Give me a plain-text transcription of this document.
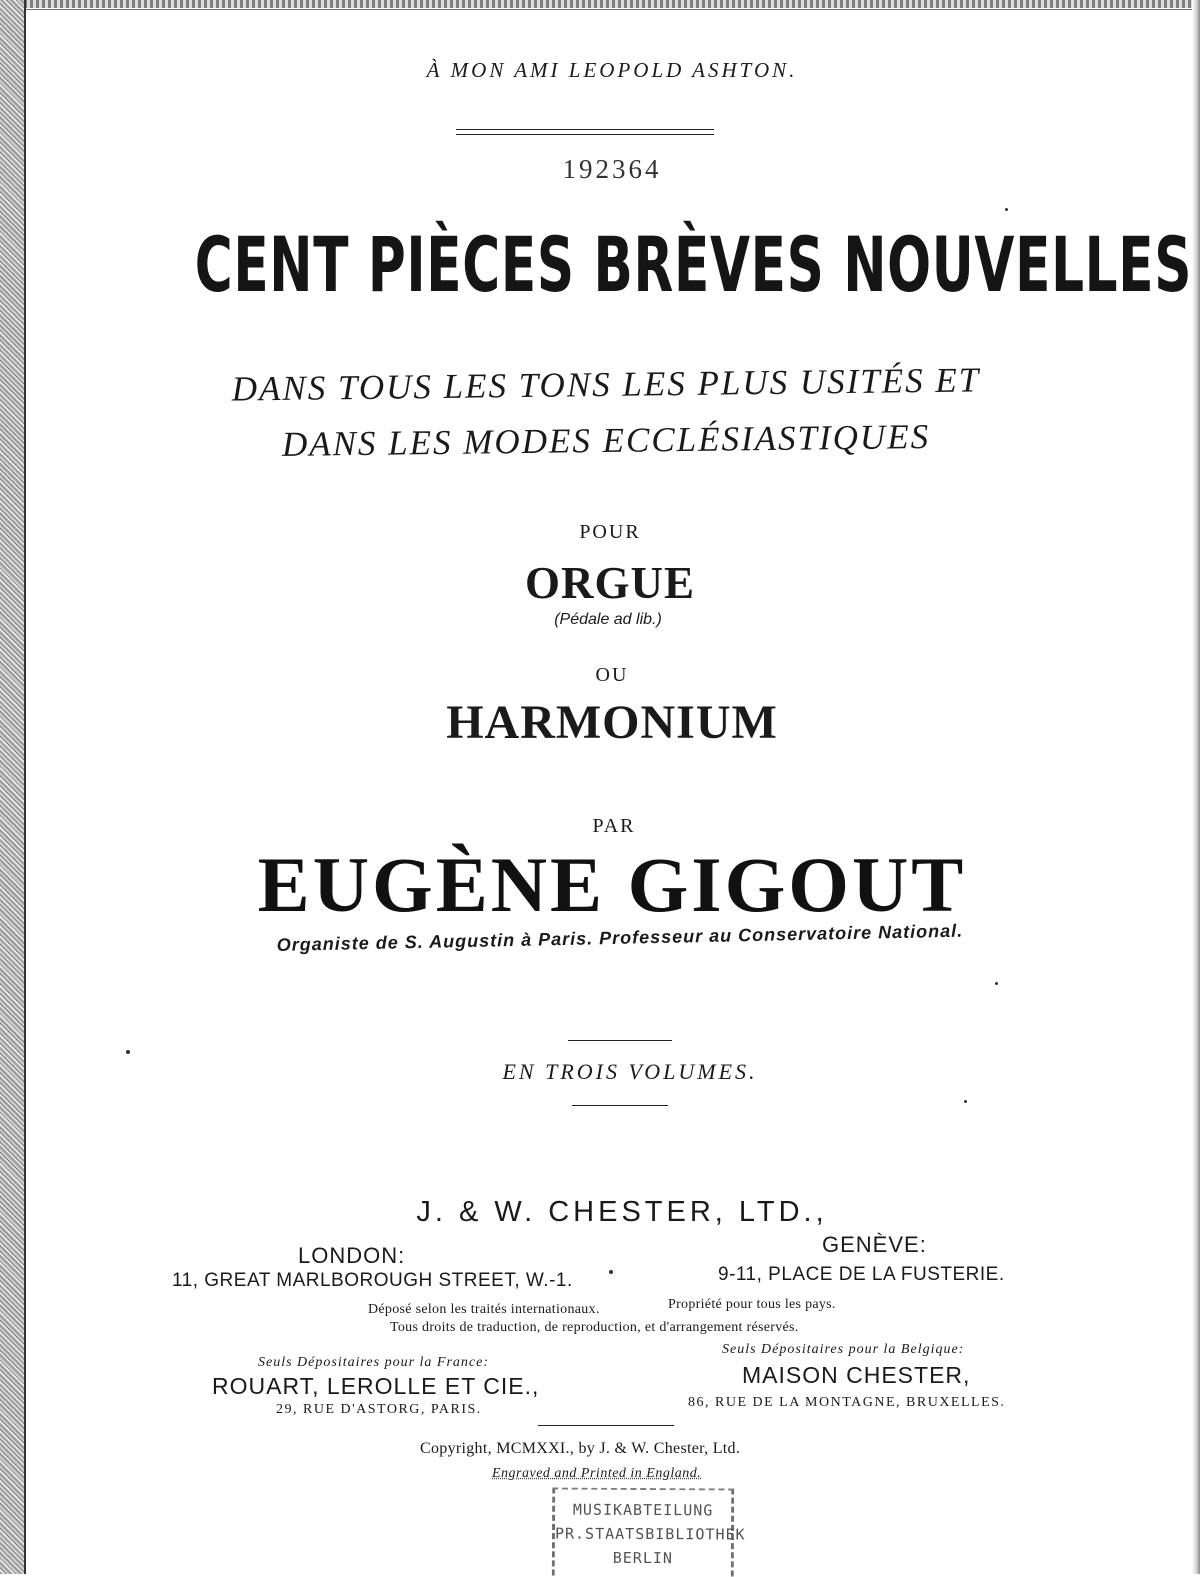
À MON AMI LEOPOLD ASHTON.

192364

CENT PIÈCES BRÈVES NOUVELLES

DANS TOUS LES TONS LES PLUS USITÉS ET

DANS LES MODES ECCLÉSIASTIQUES

POUR

ORGUE

(Pédale ad lib.)

OU

HARMONIUM

PAR

EUGÈNE GIGOUT

Organiste de S. Augustin à Paris. Professeur au Conservatoire National.

EN TROIS VOLUMES.

J. & W. CHESTER, LTD.,

LONDON:

11, GREAT MARLBOROUGH STREET, W.-1.

GENÈVE:

9-11, PLACE DE LA FUSTERIE.

Déposé selon les traités internationaux.	Propriété pour tous les pays.

Tous droits de traduction, de reproduction, et d'arrangement réservés.

Seuls Dépositaires pour la France:

ROUART, LEROLLE ET CIE.,

29, RUE D'ASTORG, PARIS.

Seuls Dépositaires pour la Belgique:

MAISON CHESTER,

86, RUE DE LA MONTAGNE, BRUXELLES.

Copyright, MCMXXI., by J. & W. Chester, Ltd.

Engraved and Printed in England.

MUSIKABTEILUNG
PR.STAATSBIBLIOTHEK
BERLIN
